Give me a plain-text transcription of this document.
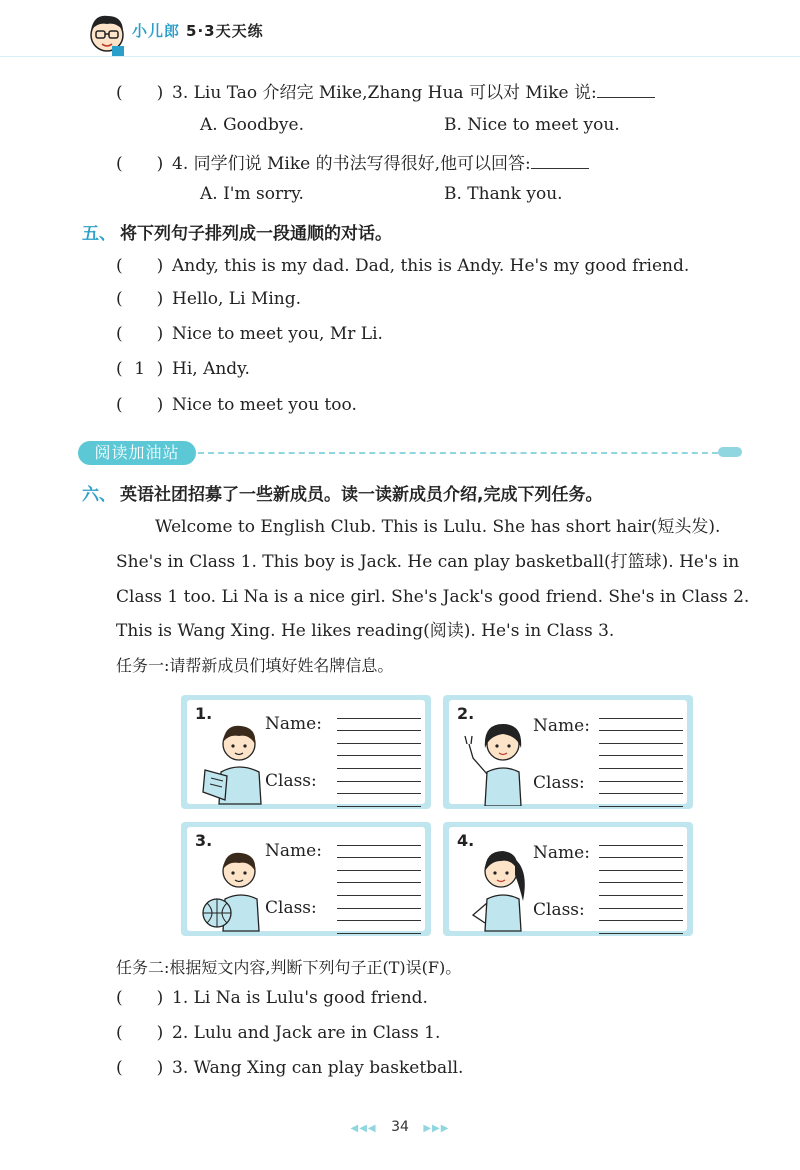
小儿郎 5·3天天练
( ) 3. Liu Tao 介绍完 Mike,Zhang Hua 可以对 Mike 说:
A. Goodbye.	B. Nice to meet you.
( ) 4. 同学们说 Mike 的书法写得很好,他可以回答:
A. I'm sorry.	B. Thank you.
五、 将下列句子排列成一段通顺的对话。
( ) Andy, this is my dad. Dad, this is Andy. He's my good friend.
( ) Hello, Li Ming.
( ) Nice to meet you, Mr Li.
( 1 ) Hi, Andy.
( ) Nice to meet you too.
阅读加油站
六、 英语社团招募了一些新成员。读一读新成员介绍,完成下列任务。
Welcome to English Club. This is Lulu. She has short hair(短头发).
She's in Class 1. This boy is Jack. He can play basketball(打篮球). He's in
Class 1 too. Li Na is a nice girl. She's Jack's good friend. She's in Class 2.
This is Wang Xing. He likes reading(阅读). He's in Class 3.
任务一:请帮新成员们填好姓名牌信息。
1.
Name:
Class:
2.
Name:
Class:
3.
Name:
Class:
4.
Name:
Class:
任务二:根据短文内容,判断下列句子正(T)误(F)。
( ) 1. Li Na is Lulu's good friend.
( ) 2. Lulu and Jack are in Class 1.
( ) 3. Wang Xing can play basketball.
◀◀◀ 34 ▶▶▶
